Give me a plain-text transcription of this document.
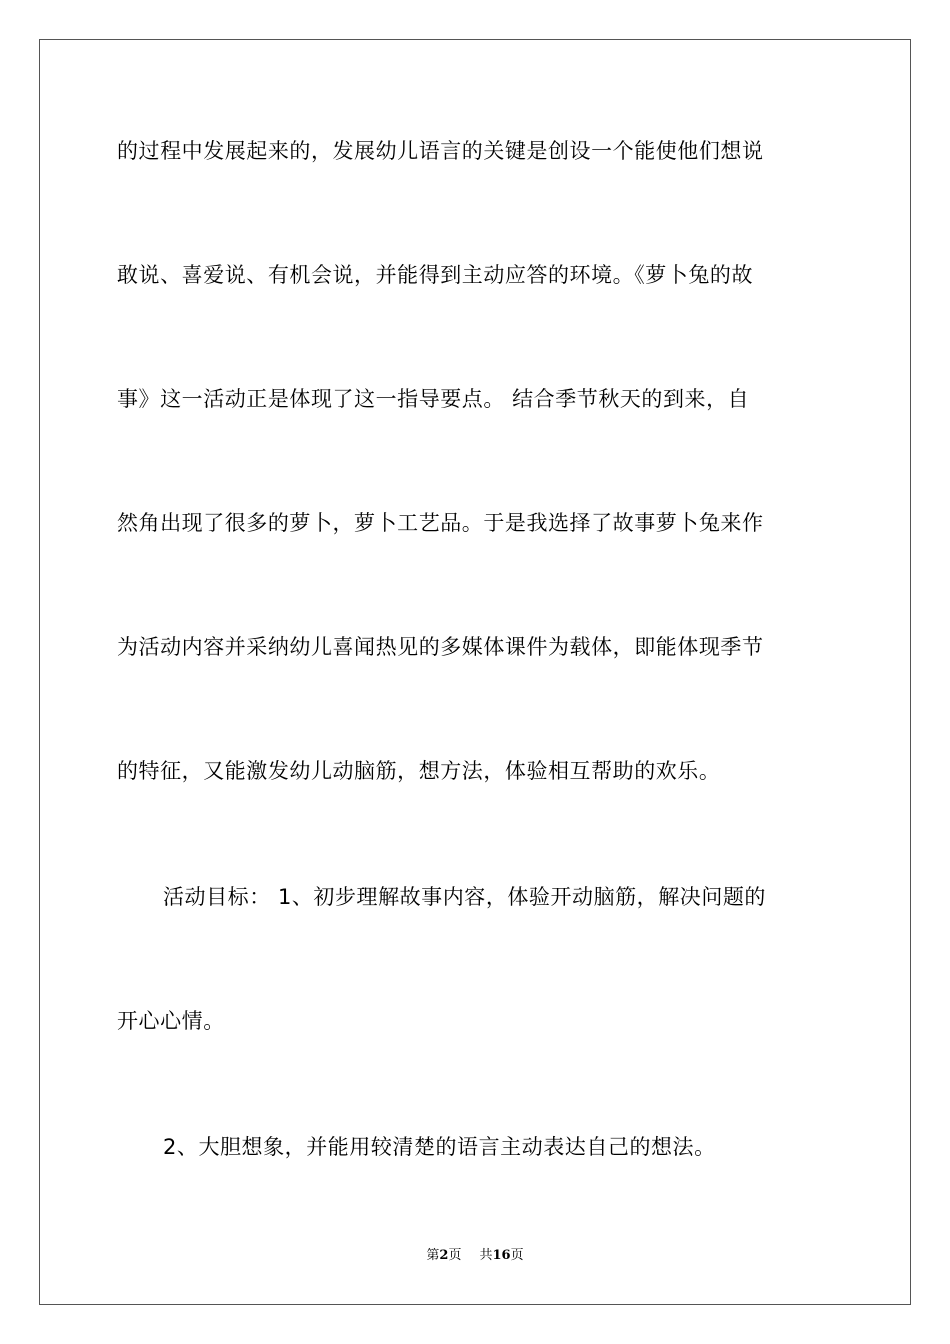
的过程中发展起来的，发展幼儿语言的关键是创设一个能使他们想说
敢说、喜爱说、有机会说，并能得到主动应答的环境。《萝卜兔的故
事》这一活动正是体现了这一指导要点。 结合季节秋天的到来，自
然角出现了很多的萝卜，萝卜工艺品。于是我选择了故事萝卜兔来作
为活动内容并采纳幼儿喜闻热见的多媒体课件为载体，即能体现季节
的特征，又能激发幼儿动脑筋，想方法，体验相互帮助的欢乐。
活动目标： 1、初步理解故事内容，体验开动脑筋，解决问题的
开心心情。
2、大胆想象，并能用较清楚的语言主动表达自己的想法。
第2页 共16页
